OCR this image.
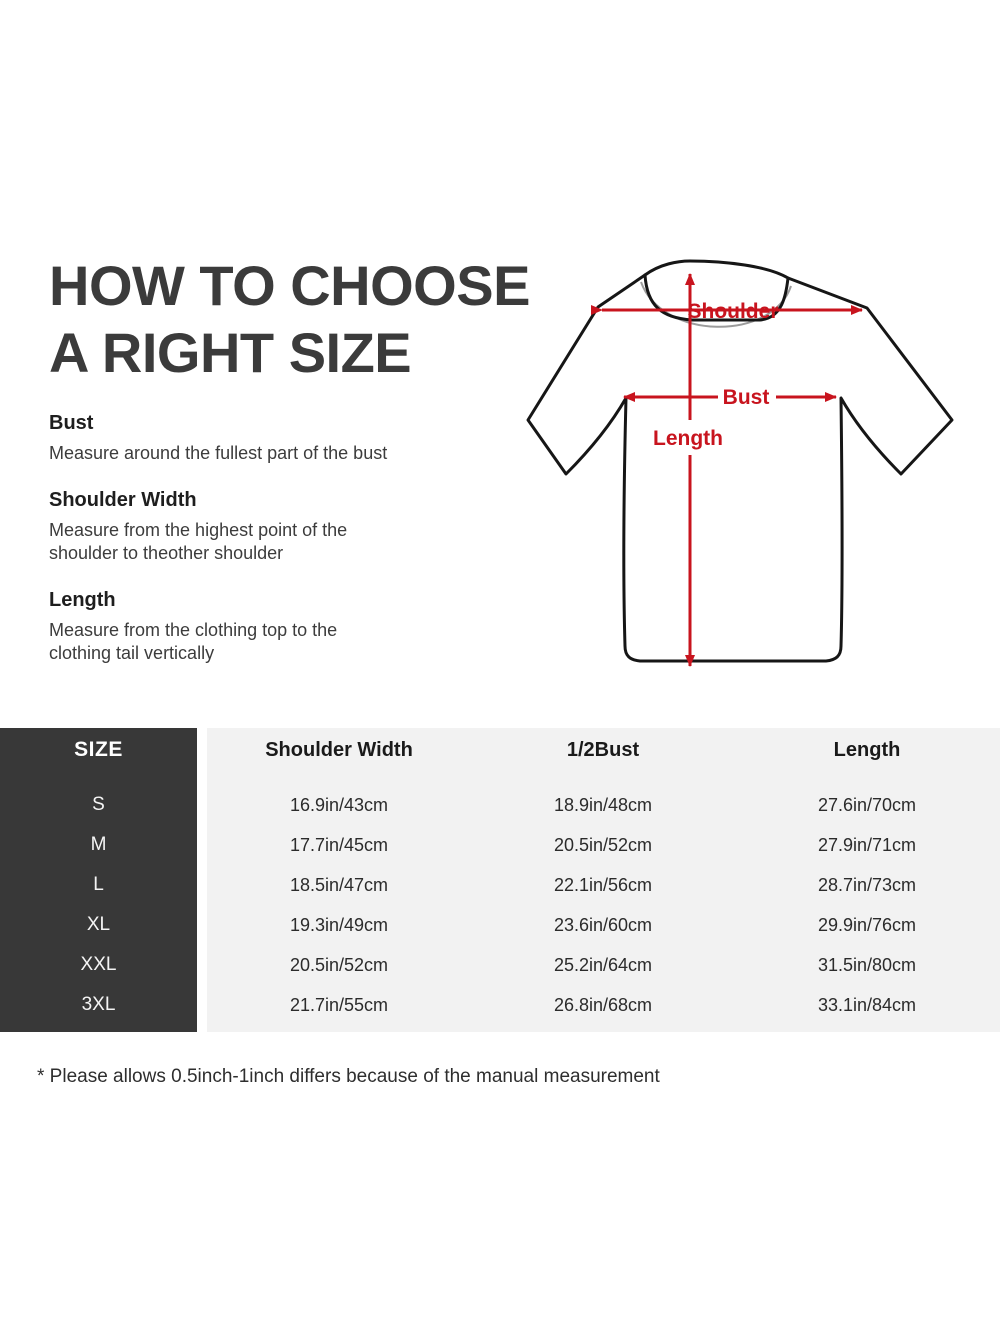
HOW TO CHOOSE
A RIGHT SIZE
Bust
Measure around the fullest part of the bust
Shoulder Width
Measure from the highest point of the
shoulder to theother shoulder
Length
Measure from the clothing top to the
clothing tail vertically
Shoulder
Bust
Length
SIZE	Shoulder Width	1/2Bust	Length
S	16.9in/43cm	18.9in/48cm	27.6in/70cm
M	17.7in/45cm	20.5in/52cm	27.9in/71cm
L	18.5in/47cm	22.1in/56cm	28.7in/73cm
XL	19.3in/49cm	23.6in/60cm	29.9in/76cm
XXL	20.5in/52cm	25.2in/64cm	31.5in/80cm
3XL	21.7in/55cm	26.8in/68cm	33.1in/84cm
* Please allows 0.5inch-1inch differs because of the manual measurement
